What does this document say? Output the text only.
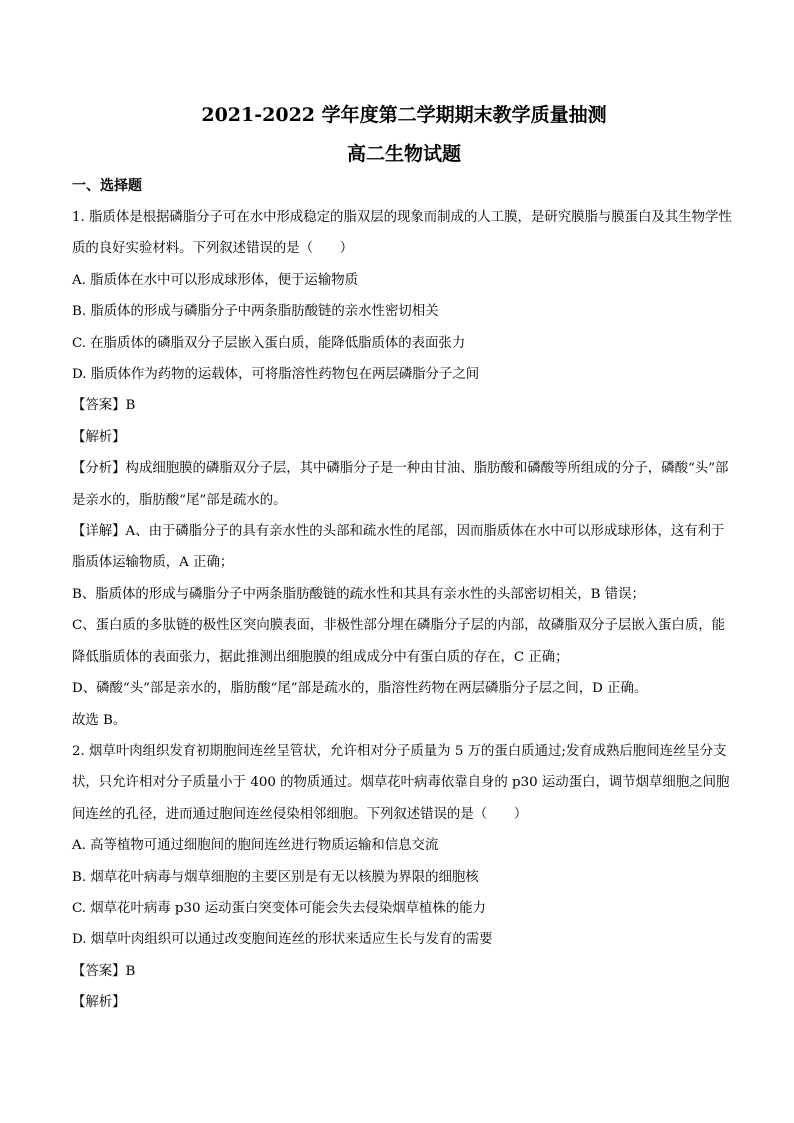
2021-2022 学年度第二学期期末教学质量抽测

高二生物试题

一、选择题

1. 脂质体是根据磷脂分子可在水中形成稳定的脂双层的现象而制成的人工膜，是研究膜脂与膜蛋白及其生物学性质的良好实验材料。下列叙述错误的是（　　）

A. 脂质体在水中可以形成球形体，便于运输物质

B. 脂质体的形成与磷脂分子中两条脂肪酸链的亲水性密切相关

C. 在脂质体的磷脂双分子层嵌入蛋白质，能降低脂质体的表面张力

D. 脂质体作为药物的运载体，可将脂溶性药物包在两层磷脂分子之间

【答案】B

【解析】

【分析】构成细胞膜的磷脂双分子层，其中磷脂分子是一种由甘油、脂肪酸和磷酸等所组成的分子，磷酸“头”部是亲水的，脂肪酸“尾”部是疏水的。

【详解】A、由于磷脂分子的具有亲水性的头部和疏水性的尾部，因而脂质体在水中可以形成球形体，这有利于脂质体运输物质，A 正确；

B、脂质体的形成与磷脂分子中两条脂肪酸链的疏水性和其具有亲水性的头部密切相关，B 错误；

C、蛋白质的多肽链的极性区突向膜表面，非极性部分埋在磷脂分子层的内部，故磷脂双分子层嵌入蛋白质，能降低脂质体的表面张力，据此推测出细胞膜的组成成分中有蛋白质的存在，C 正确；

D、磷酸“头”部是亲水的，脂肪酸“尾”部是疏水的，脂溶性药物在两层磷脂分子层之间，D 正确。

故选 B。

2. 烟草叶肉组织发育初期胞间连丝呈管状，允许相对分子质量为 5 万的蛋白质通过;发育成熟后胞间连丝呈分支状，只允许相对分子质量小于 400 的物质通过。烟草花叶病毒依靠自身的 p30 运动蛋白，调节烟草细胞之间胞间连丝的孔径，进而通过胞间连丝侵染相邻细胞。下列叙述错误的是（　　）

A. 高等植物可通过细胞间的胞间连丝进行物质运输和信息交流

B. 烟草花叶病毒与烟草细胞的主要区别是有无以核膜为界限的细胞核

C. 烟草花叶病毒 p30 运动蛋白突变体可能会失去侵染烟草植株的能力

D. 烟草叶肉组织可以通过改变胞间连丝的形状来适应生长与发育的需要

【答案】B

【解析】
